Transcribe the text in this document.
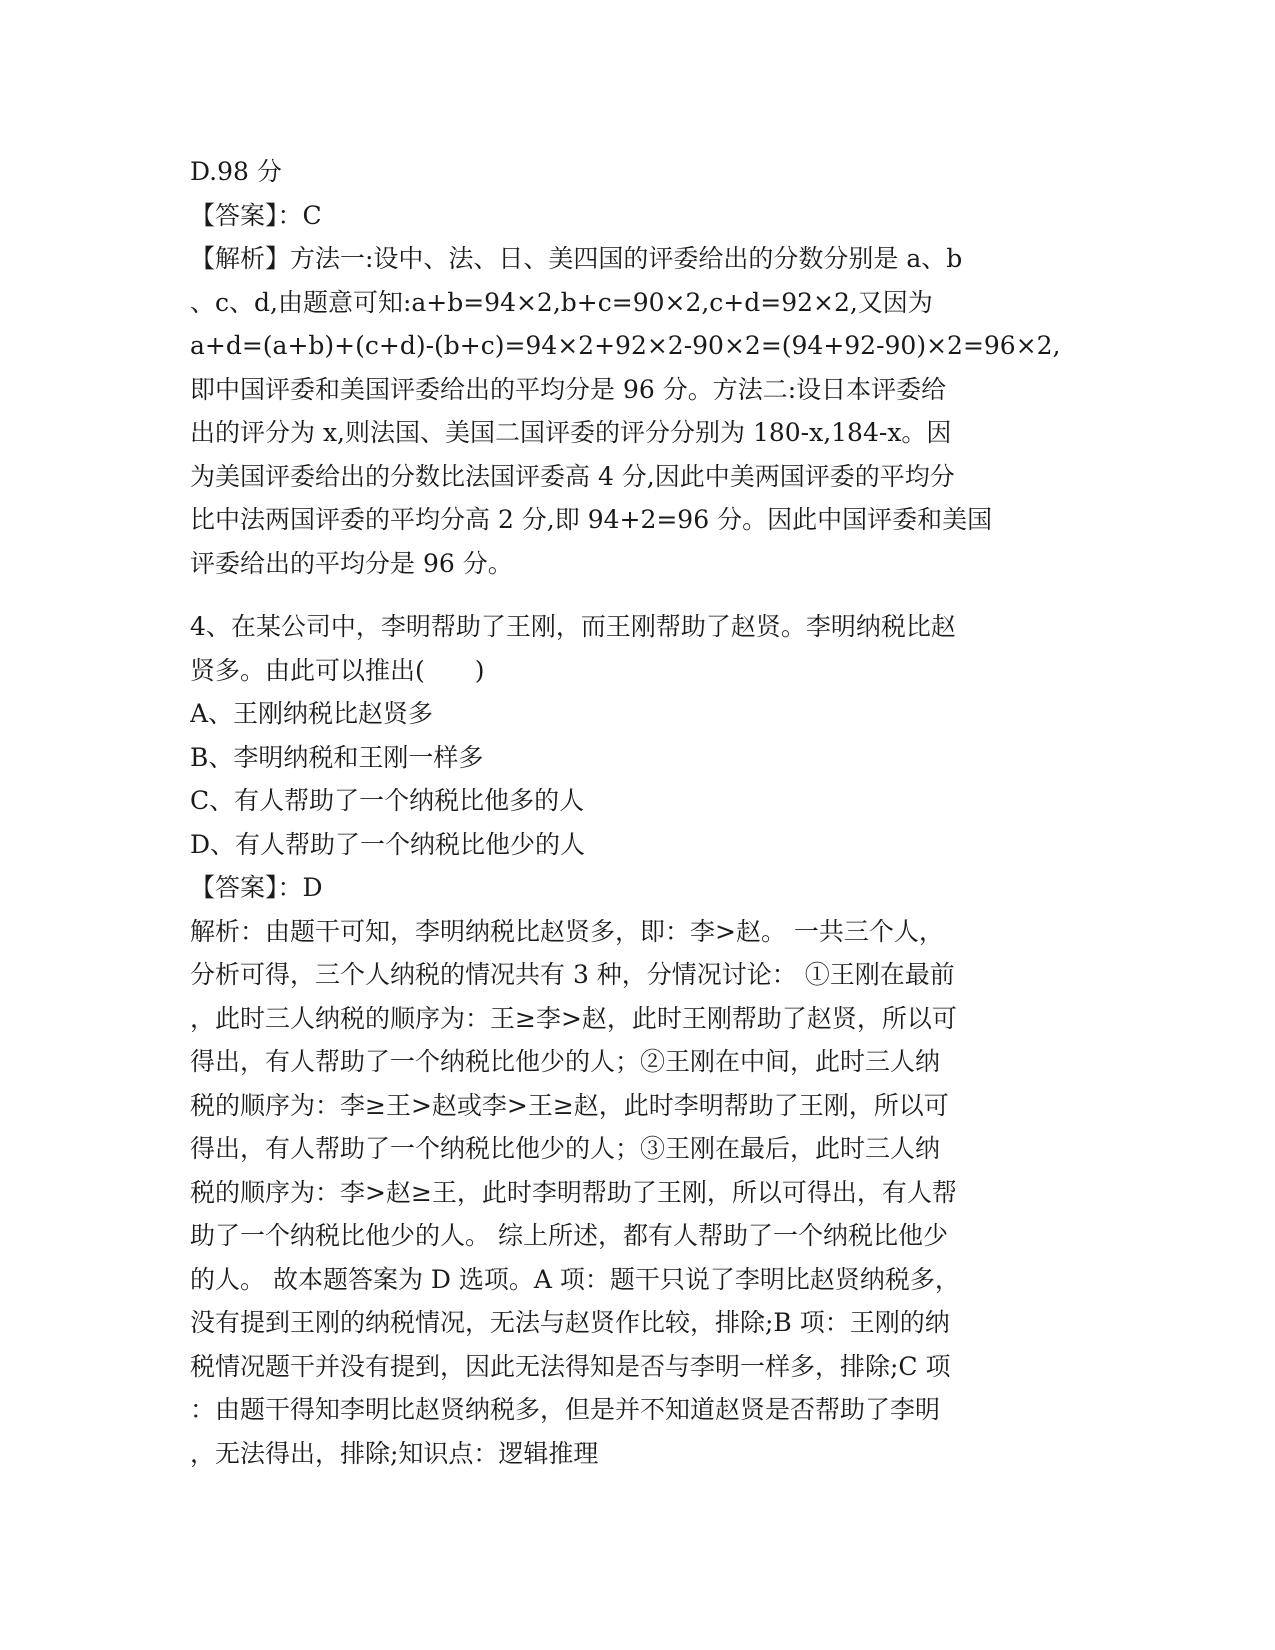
D.98 分
【答案】：C
【解析】方法一:设中、法、日、美四国的评委给出的分数分别是 a、b
、c、d,由题意可知:a+b=94×2,b+c=90×2,c+d=92×2,又因为
a+d=(a+b)+(c+d)-(b+c)=94×2+92×2-90×2=(94+92-90)×2=96×2,
即中国评委和美国评委给出的平均分是 96 分。方法二:设日本评委给
出的评分为 x,则法国、美国二国评委的评分分别为 180-x,184-x。因
为美国评委给出的分数比法国评委高 4 分,因此中美两国评委的平均分
比中法两国评委的平均分高 2 分,即 94+2=96 分。因此中国评委和美国
评委给出的平均分是 96 分。
4、在某公司中，李明帮助了王刚，而王刚帮助了赵贤。李明纳税比赵
贤多。由此可以推出(　　)
A、王刚纳税比赵贤多
B、李明纳税和王刚一样多
C、有人帮助了一个纳税比他多的人
D、有人帮助了一个纳税比他少的人
【答案】：D
解析：由题干可知，李明纳税比赵贤多，即：李>赵。 一共三个人，
分析可得，三个人纳税的情况共有 3 种，分情况讨论： ①王刚在最前
，此时三人纳税的顺序为：王≥李>赵，此时王刚帮助了赵贤，所以可
得出，有人帮助了一个纳税比他少的人；②王刚在中间，此时三人纳
税的顺序为：李≥王>赵或李>王≥赵，此时李明帮助了王刚，所以可
得出，有人帮助了一个纳税比他少的人；③王刚在最后，此时三人纳
税的顺序为：李>赵≥王，此时李明帮助了王刚，所以可得出，有人帮
助了一个纳税比他少的人。 综上所述，都有人帮助了一个纳税比他少
的人。 故本题答案为 D 选项。A 项：题干只说了李明比赵贤纳税多，
没有提到王刚的纳税情况，无法与赵贤作比较，排除;B 项：王刚的纳
税情况题干并没有提到，因此无法得知是否与李明一样多，排除;C 项
：由题干得知李明比赵贤纳税多，但是并不知道赵贤是否帮助了李明
，无法得出，排除;知识点：逻辑推理
